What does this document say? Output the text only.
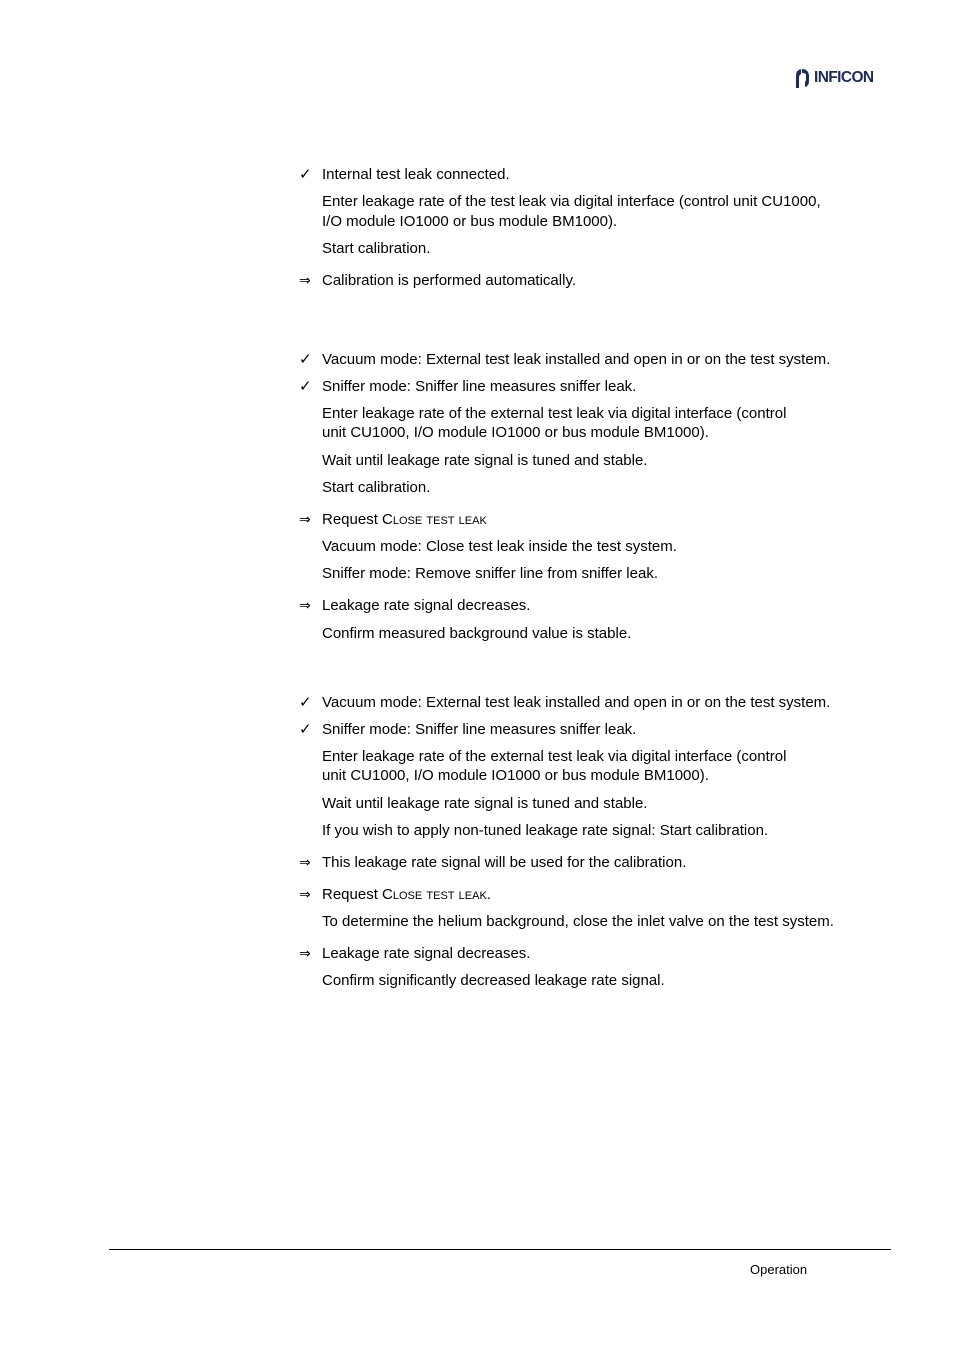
INFICON
✓ Internal test leak connected.
Enter leakage rate of the test leak via digital interface (control unit CU1000,
I/O module IO1000 or bus module BM1000).
Start calibration.
⇒ Calibration is performed automatically.
✓ Vacuum mode: External test leak installed and open in or on the test system.
✓ Sniffer mode: Sniffer line measures sniffer leak.
Enter leakage rate of the external test leak via digital interface (control
unit CU1000, I/O module IO1000 or bus module BM1000).
Wait until leakage rate signal is tuned and stable.
Start calibration.
⇒ Request Close test leak
Vacuum mode: Close test leak inside the test system.
Sniffer mode: Remove sniffer line from sniffer leak.
⇒ Leakage rate signal decreases.
Confirm measured background value is stable.
✓ Vacuum mode: External test leak installed and open in or on the test system.
✓ Sniffer mode: Sniffer line measures sniffer leak.
Enter leakage rate of the external test leak via digital interface (control
unit CU1000, I/O module IO1000 or bus module BM1000).
Wait until leakage rate signal is tuned and stable.
If you wish to apply non-tuned leakage rate signal: Start calibration.
⇒ This leakage rate signal will be used for the calibration.
⇒ Request Close test leak.
To determine the helium background, close the inlet valve on the test system.
⇒ Leakage rate signal decreases.
Confirm significantly decreased leakage rate signal.
Operation
